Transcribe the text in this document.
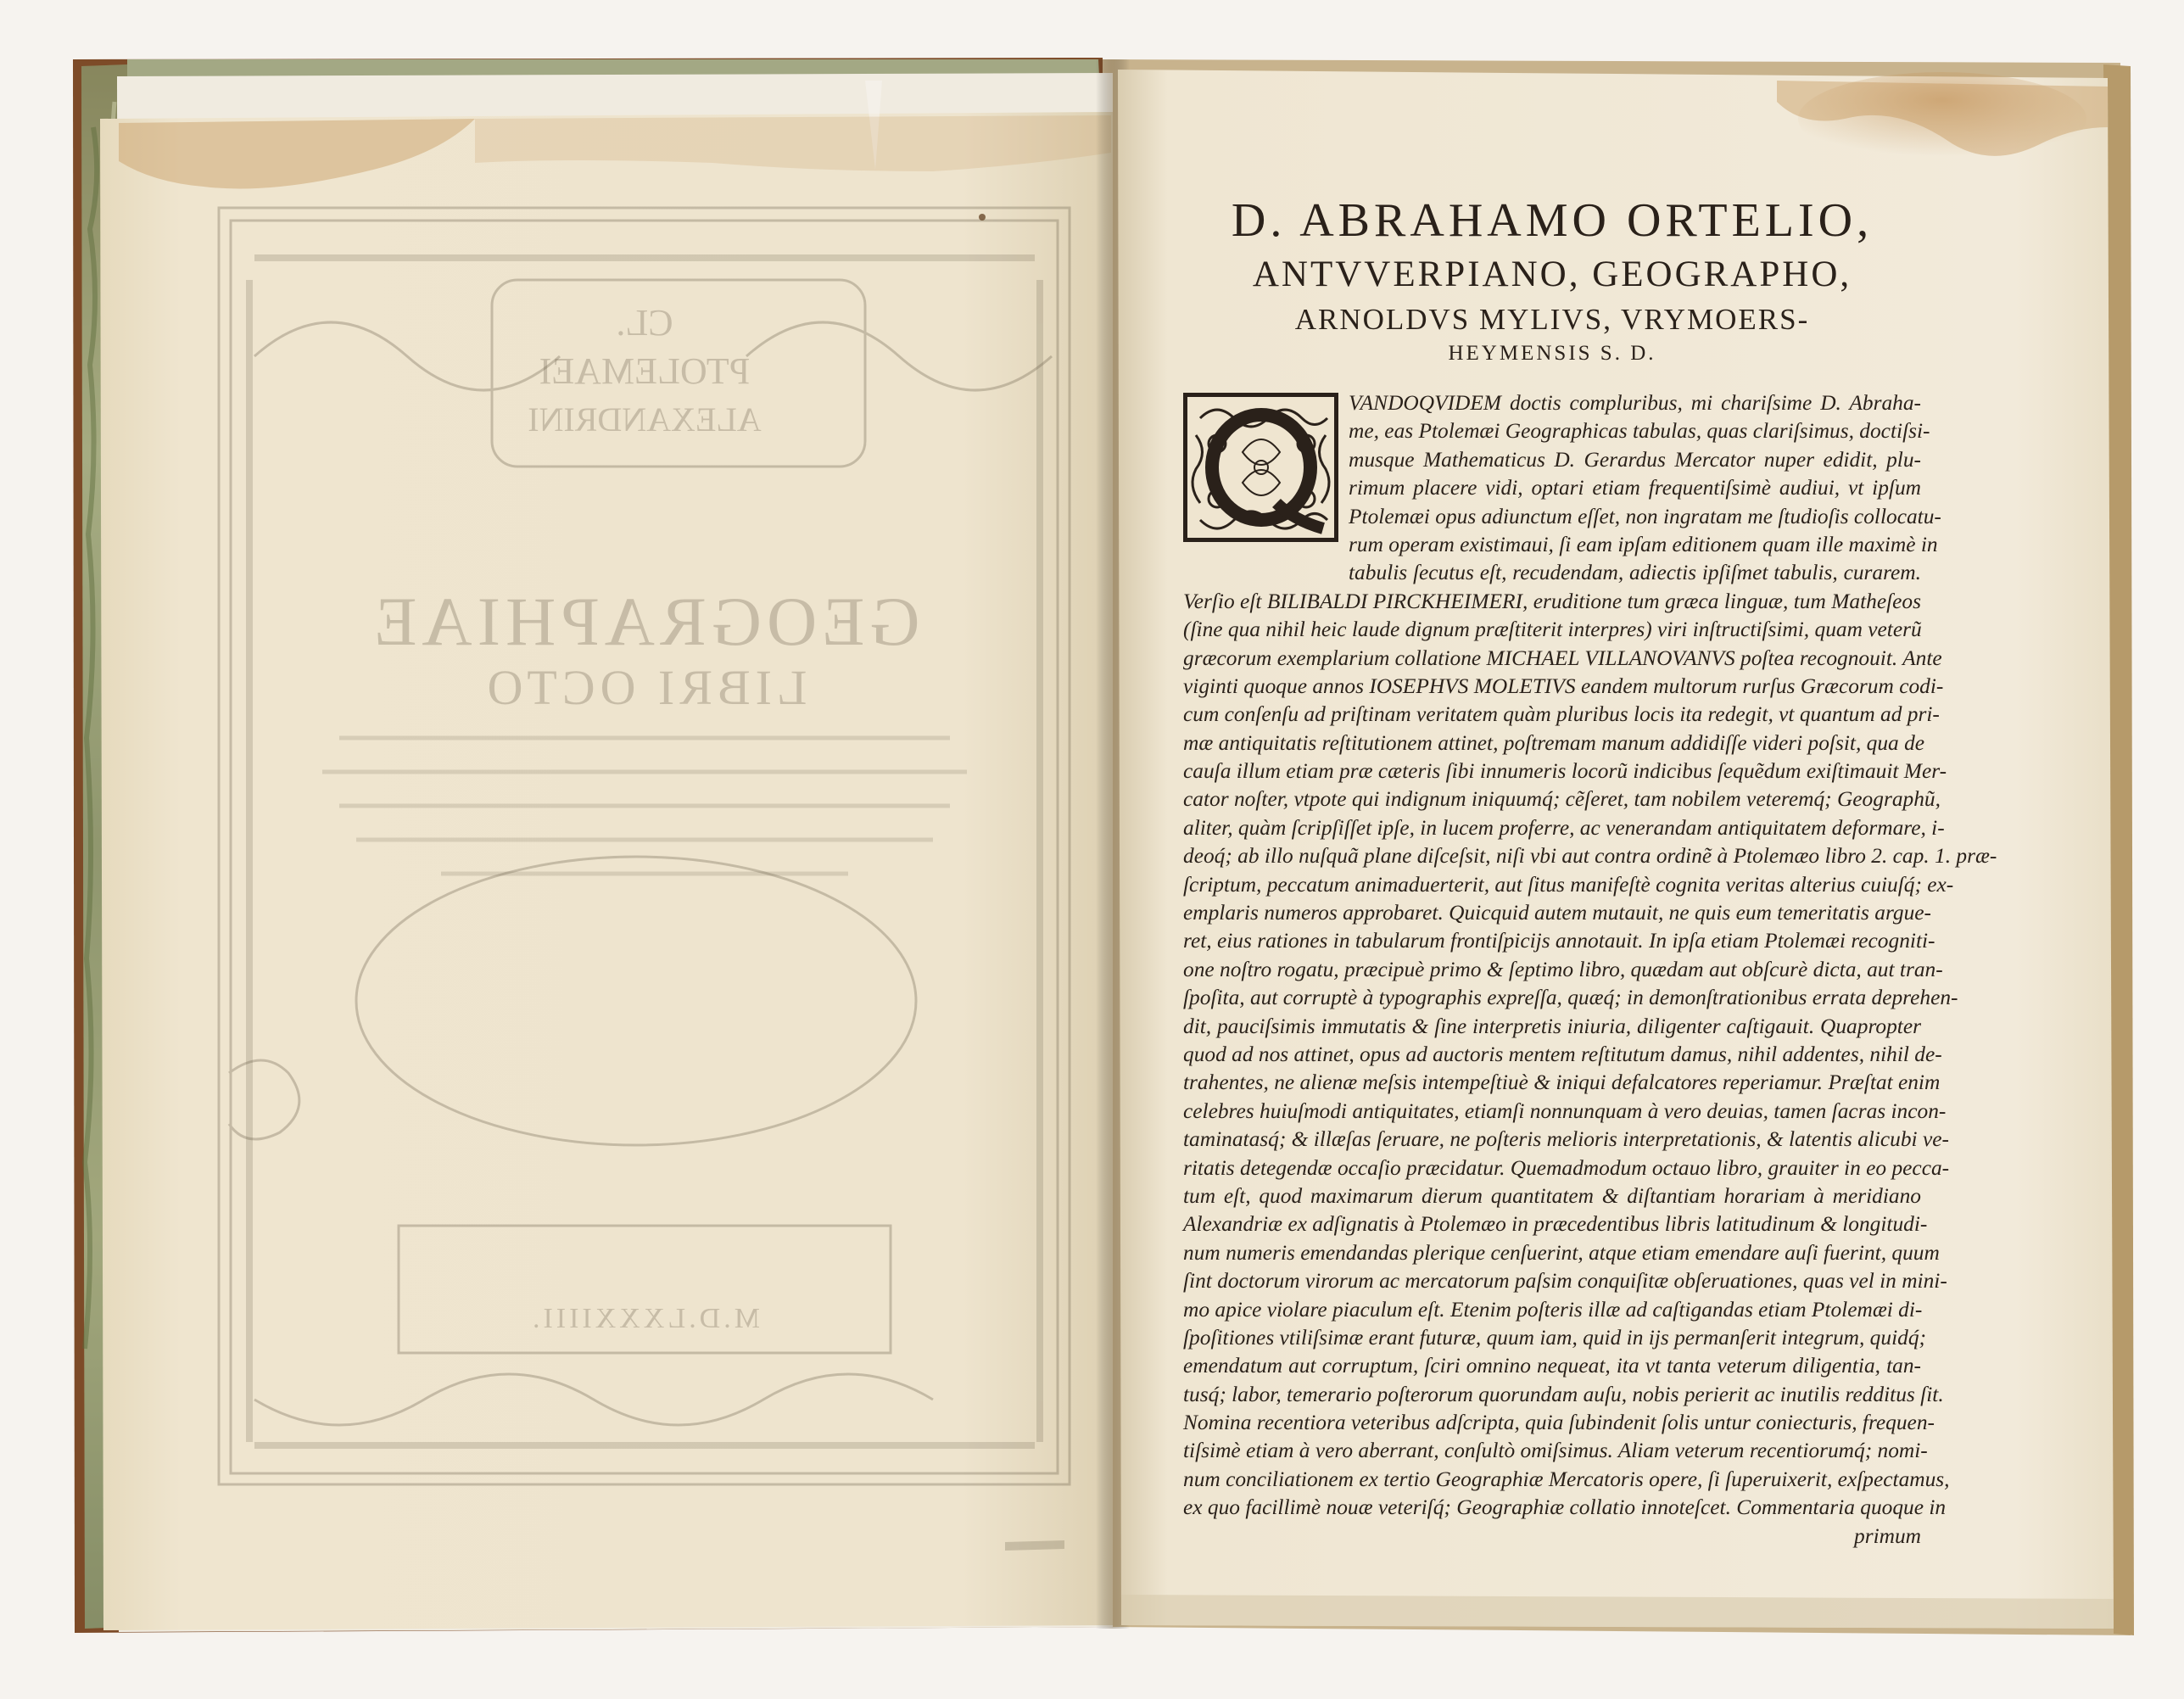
CL.
PTOLEMAEI
ALEXANDRINI
GEOGRAPHIAE
LIBRI OCTO
M.D.LXXXIIII.
D. ABRAHAMO ORTELIO,
ANTVVERPIANO, GEOGRAPHO,
ARNOLDVS MYLIVS, VRYMOERS-
HEYMENSIS S. D.
VANDOQVIDEM doctis compluribus, mi chariſsime D. Abraha-
me, eas Ptolemæi Geographicas tabulas, quas clariſsimus, doctiſsi-
musque Mathematicus D. Gerardus Mercator nuper edidit, plu-
rimum placere vidi, optari etiam frequentiſsimè audiui, vt ipſum
Ptolemæi opus adiunctum eſſet, non ingratam me ſtudioſis collocatu-
rum operam existimaui, ſi eam ipſam editionem quam ille maximè in
tabulis ſecutus eſt, recudendam, adiectis ipſiſmet tabulis, curarem.
Verſio eſt BILIBALDI PIRCKHEIMERI, eruditione tum græca linguæ, tum Matheſeos
(ſine qua nihil heic laude dignum præſtiterit interpres) viri inſtructiſsimi, quam veterũ
græcorum exemplarium collatione MICHAEL VILLANOVANVS poſtea recognouit. Ante
viginti quoque annos IOSEPHVS MOLETIVS eandem multorum rurſus Græcorum codi-
cum conſenſu ad priſtinam veritatem quàm pluribus locis ita redegit, vt quantum ad pri-
mæ antiquitatis reſtitutionem attinet, poſtremam manum addidiſſe videri poſsit, qua de
cauſa illum etiam præ cæteris ſibi innumeris locorũ indicibus ſequẽdum exiſtimauit Mer-
cator noſter, vtpote qui indignum iniquumq́; cẽſeret, tam nobilem veteremq́; Geographũ,
aliter, quàm ſcripſiſſet ipſe, in lucem proferre, ac venerandam antiquitatem deformare, i-
deoq́; ab illo nuſquã plane diſceſsit, niſi vbi aut contra ordinẽ à Ptolemæo libro 2. cap. 1. præ-
ſcriptum, peccatum animaduerterit, aut ſitus manifeſtè cognita veritas alterius cuiuſq́; ex-
emplaris numeros approbaret. Quicquid autem mutauit, ne quis eum temeritatis argue-
ret, eius rationes in tabularum frontiſpicijs annotauit. In ipſa etiam Ptolemæi recogniti-
one noſtro rogatu, præcipuè primo & ſeptimo libro, quædam aut obſcurè dicta, aut tran-
ſpoſita, aut corruptè à typographis expreſſa, quæq́; in demonſtrationibus errata deprehen-
dit, pauciſsimis immutatis & ſine interpretis iniuria, diligenter caſtigauit. Quapropter
quod ad nos attinet, opus ad auctoris mentem reſtitutum damus, nihil addentes, nihil de-
trahentes, ne alienæ meſsis intempeſtiuè & iniqui defalcatores reperiamur. Præſtat enim
celebres huiuſmodi antiquitates, etiamſi nonnunquam à vero deuias, tamen ſacras incon-
taminatasq́; & illæſas ſeruare, ne poſteris melioris interpretationis, & latentis alicubi ve-
ritatis detegendæ occaſio præcidatur. Quemadmodum octauo libro, grauiter in eo pecca-
tum eſt, quod maximarum dierum quantitatem & diſtantiam horariam à meridiano
Alexandriæ ex adſignatis à Ptolemæo in præcedentibus libris latitudinum & longitudi-
num numeris emendandas plerique cenſuerint, atque etiam emendare auſi fuerint, quum
ſint doctorum virorum ac mercatorum paſsim conquiſitæ obſeruationes, quas vel in mini-
mo apice violare piaculum eſt. Etenim poſteris illæ ad caſtigandas etiam Ptolemæi di-
ſpoſitiones vtiliſsimæ erant futuræ, quum iam, quid in ijs permanſerit integrum, quidq́;
emendatum aut corruptum, ſciri omnino nequeat, ita vt tanta veterum diligentia, tan-
tusq́; labor, temerario poſterorum quorundam auſu, nobis perierit ac inutilis redditus ſit.
Nomina recentiora veteribus adſcripta, quia ſubindenit ſolis untur coniecturis, frequen-
tiſsimè etiam à vero aberrant, conſultò omiſsimus. Aliam veterum recentiorumq́; nomi-
num conciliationem ex tertio Geographiæ Mercatoris opere, ſi ſuperuixerit, exſpectamus,
ex quo facillimè nouæ veteriſq́; Geographiæ collatio innoteſcet. Commentaria quoque in
primum
